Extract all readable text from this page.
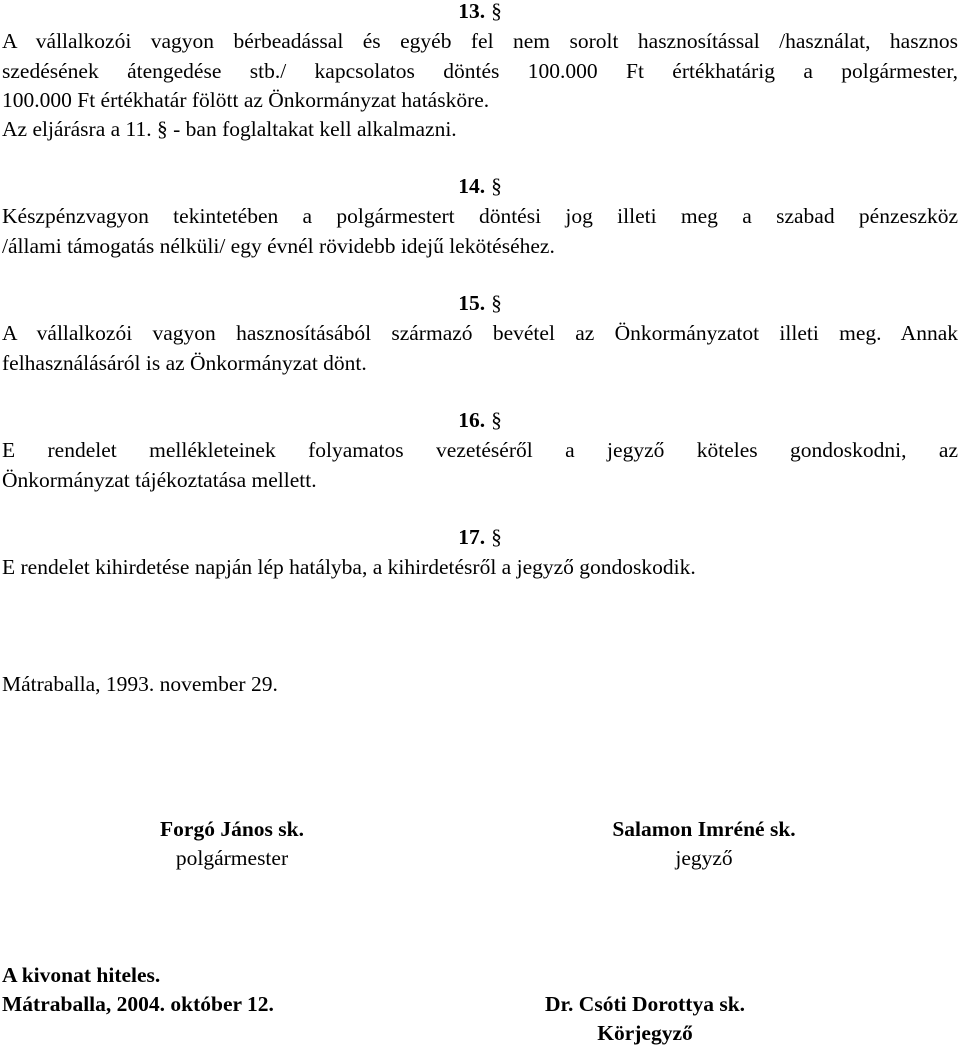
13. §
A vállalkozói vagyon bérbeadással és egyéb fel nem sorolt hasznosítással /használat, hasznos
szedésének átengedése stb./ kapcsolatos döntés 100.000 Ft értékhatárig a polgármester,
100.000 Ft értékhatár fölött az Önkormányzat hatásköre.
Az eljárásra a 11. § - ban foglaltakat kell alkalmazni.
14. §
Készpénzvagyon tekintetében a polgármestert döntési jog illeti meg a szabad pénzeszköz
/állami támogatás nélküli/ egy évnél rövidebb idejű lekötéséhez.
15. §
A vállalkozói vagyon hasznosításából származó bevétel az Önkormányzatot illeti meg. Annak
felhasználásáról is az Önkormányzat dönt.
16. §
E rendelet mellékleteinek folyamatos vezetéséről a jegyző köteles gondoskodni, az
Önkormányzat tájékoztatása mellett.
17. §
E rendelet kihirdetése napján lép hatályba, a kihirdetésről a jegyző gondoskodik.
Mátraballa, 1993. november 29.
Forgó János sk.
polgármester
Salamon Imréné sk.
jegyző
A kivonat hiteles.
Mátraballa, 2004. október 12.	Dr. Csóti Dorottya sk.
Körjegyző
